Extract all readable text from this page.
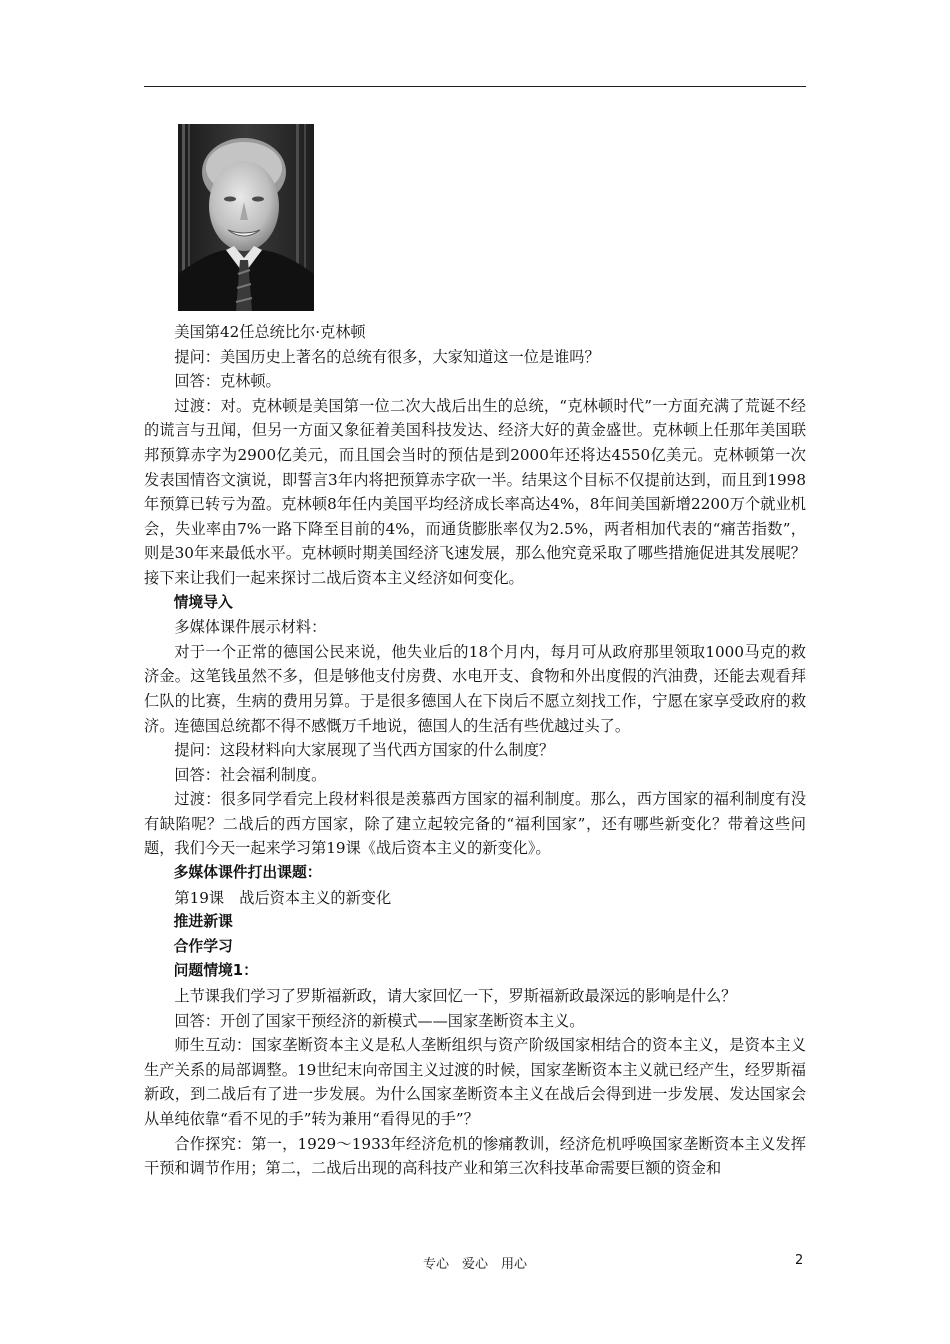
美国第42任总统比尔·克林顿

提问：美国历史上著名的总统有很多，大家知道这一位是谁吗？

回答：克林顿。

过渡：对。克林顿是美国第一位二次大战后出生的总统，“克林顿时代”一方面充满了荒诞不经的谎言与丑闻，但另一方面又象征着美国科技发达、经济大好的黄金盛世。克林顿上任那年美国联邦预算赤字为2900亿美元，而且国会当时的预估是到2000年还将达4550亿美元。克林顿第一次发表国情咨文演说，即誓言3年内将把预算赤字砍一半。结果这个目标不仅提前达到，而且到1998年预算已转亏为盈。克林顿8年任内美国平均经济成长率高达4%，8年间美国新增2200万个就业机会，失业率由7%一路下降至目前的4%，而通货膨胀率仅为2.5%，两者相加代表的“痛苦指数”，则是30年来最低水平。克林顿时期美国经济飞速发展，那么他究竟采取了哪些措施促进其发展呢？接下来让我们一起来探讨二战后资本主义经济如何变化。

情境导入

多媒体课件展示材料：

对于一个正常的德国公民来说，他失业后的18个月内，每月可从政府那里领取1000马克的救济金。这笔钱虽然不多，但是够他支付房费、水电开支、食物和外出度假的汽油费，还能去观看拜仁队的比赛，生病的费用另算。于是很多德国人在下岗后不愿立刻找工作，宁愿在家享受政府的救济。连德国总统都不得不感慨万千地说，德国人的生活有些优越过头了。

提问：这段材料向大家展现了当代西方国家的什么制度？

回答：社会福利制度。

过渡：很多同学看完上段材料很是羡慕西方国家的福利制度。那么，西方国家的福利制度有没有缺陷呢？二战后的西方国家，除了建立起较完备的“福利国家”，还有哪些新变化？带着这些问题，我们今天一起来学习第19课《战后资本主义的新变化》。

多媒体课件打出课题：

第19课　战后资本主义的新变化

推进新课

合作学习

问题情境1：

上节课我们学习了罗斯福新政，请大家回忆一下，罗斯福新政最深远的影响是什么？

回答：开创了国家干预经济的新模式——国家垄断资本主义。

师生互动：国家垄断资本主义是私人垄断组织与资产阶级国家相结合的资本主义，是资本主义生产关系的局部调整。19世纪末向帝国主义过渡的时候，国家垄断资本主义就已经产生，经罗斯福新政，到二战后有了进一步发展。为什么国家垄断资本主义在战后会得到进一步发展、发达国家会从单纯依靠“看不见的手”转为兼用“看得见的手”？

合作探究：第一，1929～1933年经济危机的惨痛教训，经济危机呼唤国家垄断资本主义发挥干预和调节作用；第二，二战后出现的高科技产业和第三次科技革命需要巨额的资金和

专心　爱心　用心	2
